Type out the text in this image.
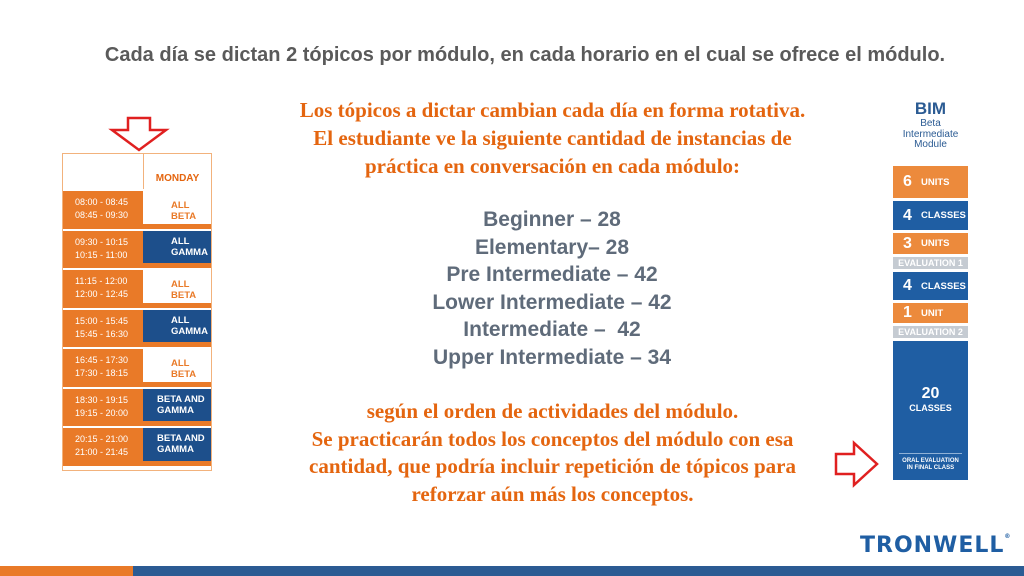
Cada día se dictan 2 tópicos por módulo, en cada horario en el cual se ofrece el módulo.
Los tópicos a dictar cambian cada día en forma rotativa.
El estudiante ve la siguiente cantidad de instancias de
práctica en conversación en cada módulo:
Beginner – 28
Elementary– 28
Pre Intermediate – 42
Lower Intermediate – 42
Intermediate –  42
Upper Intermediate – 34
según el orden de actividades del módulo.
Se practicarán todos los conceptos del módulo con esa
cantidad, que podría incluir repetición de tópicos para
reforzar aún más los conceptos.
MONDAY
08:00 - 08:45
08:45 - 09:30
ALL
BETA
09:30 - 10:15
10:15 - 11:00
ALL
GAMMA
11:15 - 12:00
12:00 - 12:45
ALL
BETA
15:00 - 15:45
15:45 - 16:30
ALL
GAMMA
16:45 - 17:30
17:30 - 18:15
ALL
BETA
18:30 - 19:15
19:15 - 20:00
BETA AND
GAMMA
20:15 - 21:00
21:00 - 21:45
BETA AND
GAMMA
BIM
Beta
Intermediate
Module
6 UNITS
4 CLASSES
3 UNITS
EVALUATION 1
4 CLASSES
1 UNIT
EVALUATION 2
20
CLASSES
ORAL EVALUATION
IN FINAL CLASS
TRONWELL®
